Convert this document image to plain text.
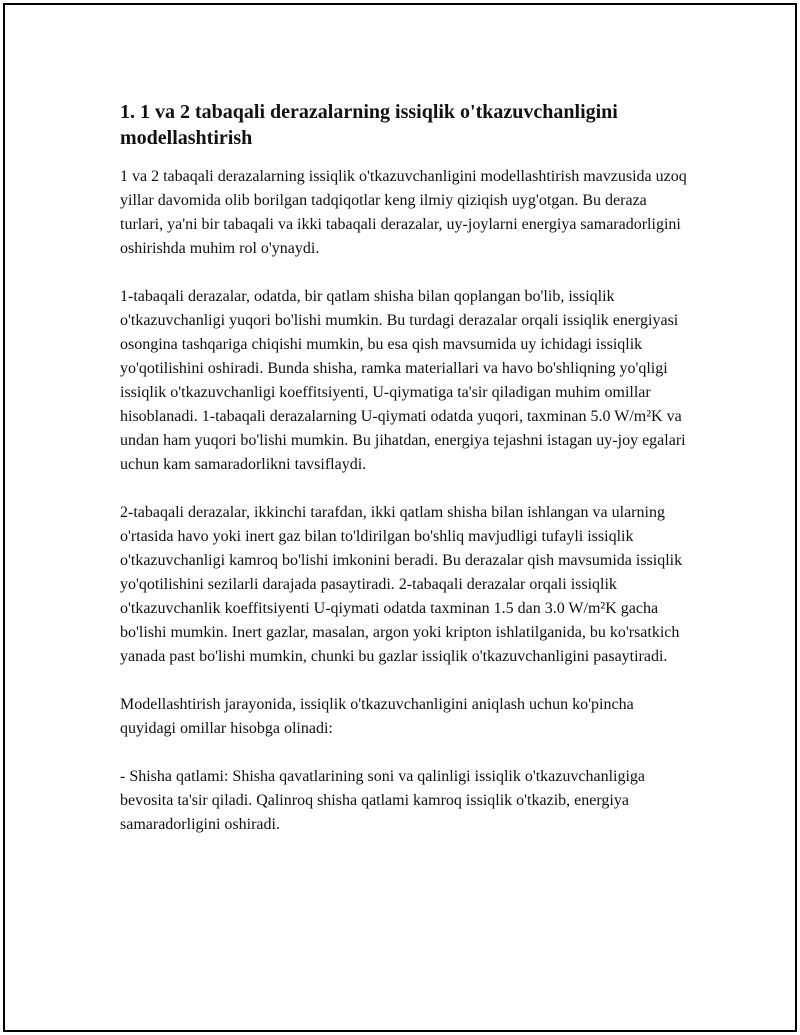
1. 1 va 2 tabaqali derazalarning issiqlik o'tkazuvchanligini modellashtirish

1 va 2 tabaqali derazalarning issiqlik o'tkazuvchanligini modellashtirish mavzusida uzoq yillar davomida olib borilgan tadqiqotlar keng ilmiy qiziqish uyg'otgan. Bu deraza turlari, ya'ni bir tabaqali va ikki tabaqali derazalar, uy-joylarni energiya samaradorligini oshirishda muhim rol o'ynaydi.

1-tabaqali derazalar, odatda, bir qatlam shisha bilan qoplangan bo'lib, issiqlik o'tkazuvchanligi yuqori bo'lishi mumkin. Bu turdagi derazalar orqali issiqlik energiyasi osongina tashqariga chiqishi mumkin, bu esa qish mavsumida uy ichidagi issiqlik yo'qotilishini oshiradi. Bunda shisha, ramka materiallari va havo bo'shliqning yo'qligi issiqlik o'tkazuvchanligi koeffitsiyenti, U-qiymatiga ta'sir qiladigan muhim omillar hisoblanadi. 1-tabaqali derazalarning U-qiymati odatda yuqori, taxminan 5.0 W/m²K va undan ham yuqori bo'lishi mumkin. Bu jihatdan, energiya tejashni istagan uy-joy egalari uchun kam samaradorlikni tavsiflaydi.

2-tabaqali derazalar, ikkinchi tarafdan, ikki qatlam shisha bilan ishlangan va ularning o'rtasida havo yoki inert gaz bilan to'ldirilgan bo'shliq mavjudligi tufayli issiqlik o'tkazuvchanligi kamroq bo'lishi imkonini beradi. Bu derazalar qish mavsumida issiqlik yo'qotilishini sezilarli darajada pasaytiradi. 2-tabaqali derazalar orqali issiqlik o'tkazuvchanlik koeffitsiyenti U-qiymati odatda taxminan 1.5 dan 3.0 W/m²K gacha bo'lishi mumkin. Inert gazlar, masalan, argon yoki kripton ishlatilganida, bu ko'rsatkich yanada past bo'lishi mumkin, chunki bu gazlar issiqlik o'tkazuvchanligini pasaytiradi.

Modellashtirish jarayonida, issiqlik o'tkazuvchanligini aniqlash uchun ko'pincha quyidagi omillar hisobga olinadi:

- Shisha qatlami: Shisha qavatlarining soni va qalinligi issiqlik o'tkazuvchanligiga bevosita ta'sir qiladi. Qalinroq shisha qatlami kamroq issiqlik o'tkazib, energiya samaradorligini oshiradi.
